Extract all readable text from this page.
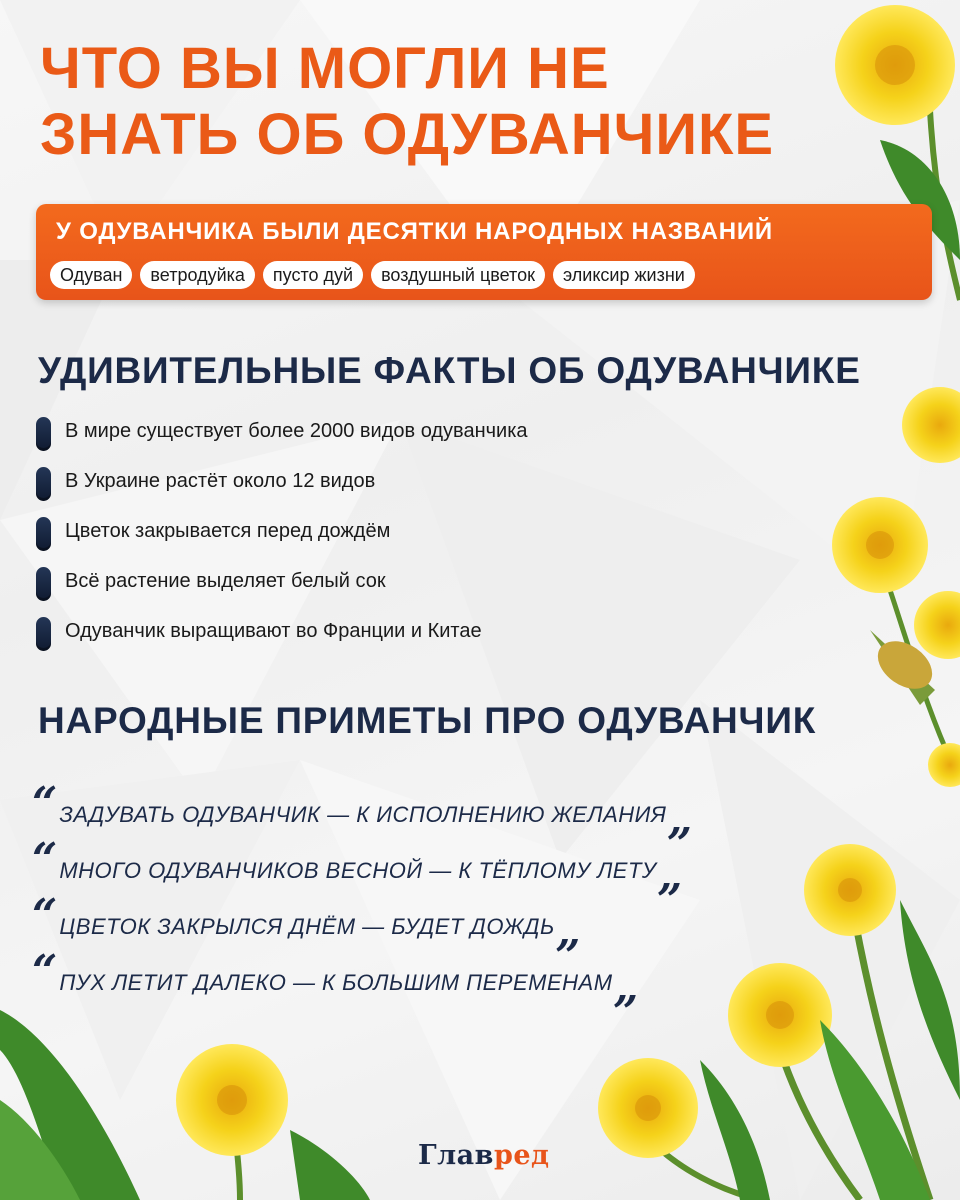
ЧТО ВЫ МОГЛИ НЕ
ЗНАТЬ ОБ ОДУВАНЧИКЕ
У ОДУВАНЧИКА БЫЛИ ДЕСЯТКИ НАРОДНЫХ НАЗВАНИЙ
Одуван	ветродуйка	пусто дуй	воздушный цветок	эликсир жизни
УДИВИТЕЛЬНЫЕ ФАКТЫ ОБ ОДУВАНЧИКЕ
В мире существует более 2000 видов одуванчика
В Украине растёт около 12 видов
Цветок закрывается перед дождём
Всё растение выделяет белый сок
Одуванчик выращивают во Франции и Китае
НАРОДНЫЕ ПРИМЕТЫ ПРО ОДУВАНЧИК
“ ЗАДУВАТЬ ОДУВАНЧИК — К ИСПОЛНЕНИЮ ЖЕЛАНИЯ „
“ МНОГО ОДУВАНЧИКОВ ВЕСНОЙ — К ТЁПЛОМУ ЛЕТУ „
“ ЦВЕТОК ЗАКРЫЛСЯ ДНЁМ — БУДЕТ ДОЖДЬ „
“ ПУХ ЛЕТИТ ДАЛЕКО — К БОЛЬШИМ ПЕРЕМЕНАМ „
Главред
